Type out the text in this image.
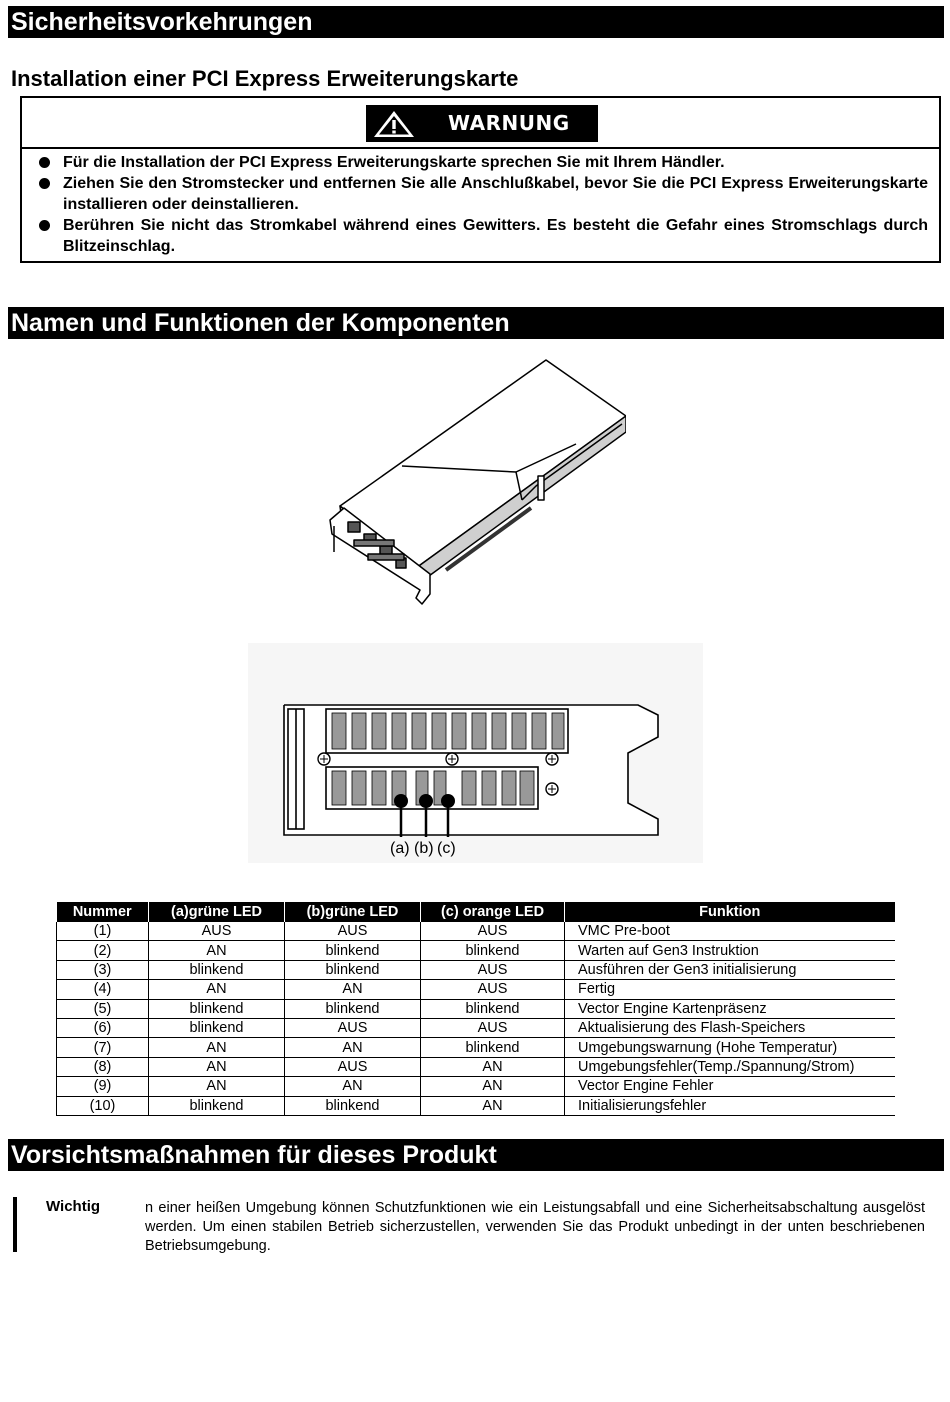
Sicherheitsvorkehrungen
Installation einer PCI Express Erweiterungskarte
WARNUNG
Für die Installation der PCI Express Erweiterungskarte sprechen Sie mit Ihrem Händler.
Ziehen Sie den Stromstecker und entfernen Sie alle Anschlußkabel, bevor Sie die PCI Express Erweiterungskarte installieren oder deinstallieren.
Berühren Sie nicht das Stromkabel während eines Gewitters. Es besteht die Gefahr eines Stromschlags durch Blitzeinschlag.
Namen und Funktionen der Komponenten
(a) (b) (c)
Nummer	(a)grüne LED	(b)grüne LED	(c) orange LED	Funktion
(1)	AUS	AUS	AUS	VMC Pre-boot
(2)	AN	blinkend	blinkend	Warten auf Gen3 Instruktion
(3)	blinkend	blinkend	AUS	Ausführen der Gen3 initialisierung
(4)	AN	AN	AUS	Fertig
(5)	blinkend	blinkend	blinkend	Vector Engine Kartenpräsenz
(6)	blinkend	AUS	AUS	Aktualisierung des Flash-Speichers
(7)	AN	AN	blinkend	Umgebungswarnung (Hohe Temperatur)
(8)	AN	AUS	AN	Umgebungsfehler(Temp./Spannung/Strom)
(9)	AN	AN	AN	Vector Engine Fehler
(10)	blinkend	blinkend	AN	Initialisierungsfehler
Vorsichtsmaßnahmen für dieses Produkt
Wichtig	n einer heißen Umgebung können Schutzfunktionen wie ein Leistungsabfall und eine Sicherheitsabschaltung ausgelöst werden. Um einen stabilen Betrieb sicherzustellen, verwenden Sie das Produkt unbedingt in der unten beschriebenen Betriebsumgebung.
